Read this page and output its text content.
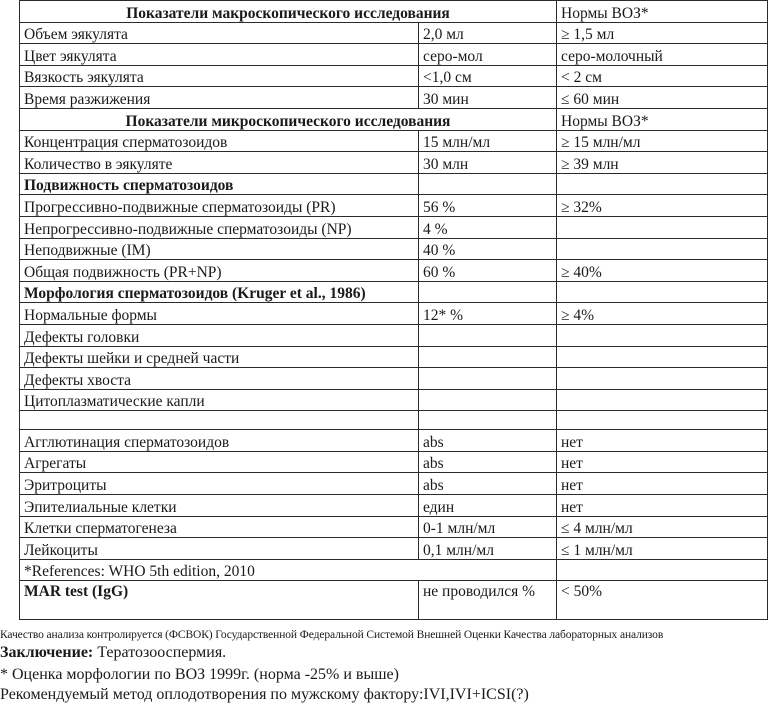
Показатели макроскопического исследования		Нормы ВОЗ*
Объем эякулята	2,0 мл	≥ 1,5 мл
Цвет эякулята	серо-мол	серо-молочный
Вязкость эякулята	<1,0 см	< 2 см
Время разжижения	30 мин	≤ 60 мин
Показатели микроскопического исследования		Нормы ВОЗ*
Концентрация сперматозоидов	15 млн/мл	≥ 15 млн/мл
Количество в эякуляте	30 млн	≥ 39 млн
Подвижность сперматозоидов		
Прогрессивно-подвижные сперматозоиды (PR)	56 %	≥ 32%
Непрогрессивно-подвижные сперматозоиды (NP)	4 %	
Неподвижные (IM)	40 %	
Общая подвижность (PR+NP)	60 %	≥ 40%
Морфология сперматозоидов (Kruger et al., 1986)		
Нормальные формы	12* %	≥ 4%
Дефекты головки		
Дефекты шейки и средней части		
Дефекты хвоста		
Цитоплазматические капли		

Агглютинация сперматозоидов	abs	нет
Агрегаты	abs	нет
Эритроциты	abs	нет
Эпителиальные клетки	един	нет
Клетки сперматогенеза	0-1 млн/мл	≤ 4 млн/мл
Лейкоциты	0,1 млн/мл	≤ 1 млн/мл
*References: WHO 5th edition, 2010		
MAR test (IgG)	не проводился %	< 50%
Качество анализа контролируется (ФСВОК) Государственной Федеральной Системой Внешней Оценки Качества лабораторных анализов
Заключение: Тератозооспермия.
* Оценка морфологии по ВОЗ 1999г. (норма -25% и выше)
Рекомендуемый метод оплодотворения по мужскому фактору:IVI,IVI+ICSI(?)
